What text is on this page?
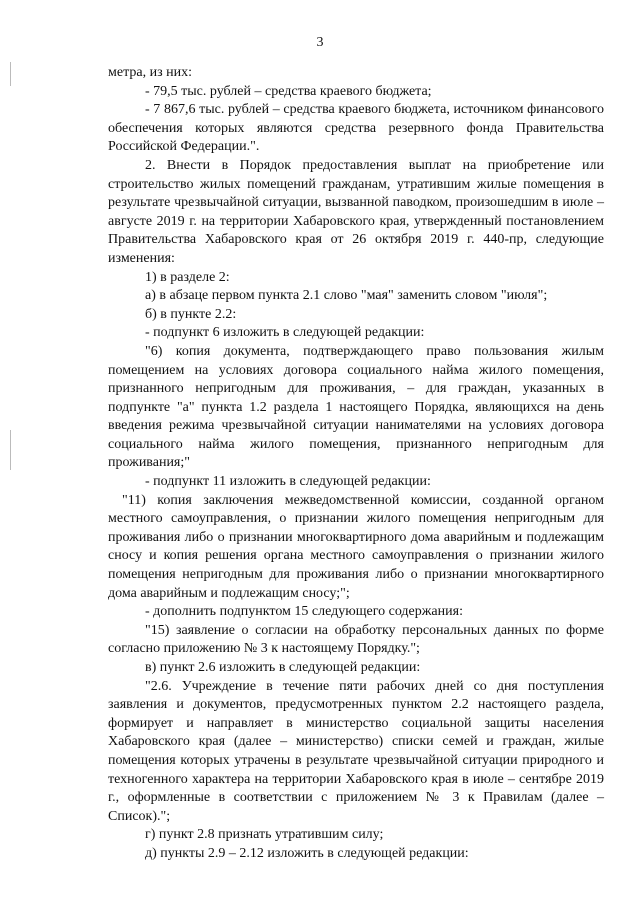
3

метра, из них:

- 79,5 тыс. рублей – средства краевого бюджета;

- 7 867,6 тыс. рублей – средства краевого бюджета, источником финансового обеспечения которых являются средства резервного фонда Правительства Российской Федерации.".

2. Внести в Порядок предоставления выплат на приобретение или строительство жилых помещений гражданам, утратившим жилые помещения в результате чрезвычайной ситуации, вызванной паводком, произошедшим в июле – августе 2019 г. на территории Хабаровского края, утвержденный постановлением Правительства Хабаровского края от 26 октября 2019 г. 440-пр, следующие изменения:

1) в разделе 2:

а) в абзаце первом пункта 2.1 слово "мая" заменить словом "июля";

б) в пункте 2.2:

- подпункт 6 изложить в следующей редакции:

"6) копия документа, подтверждающего право пользования жилым помещением на условиях договора социального найма жилого помещения, признанного непригодным для проживания, – для граждан, указанных в подпункте "а" пункта 1.2 раздела 1 настоящего Порядка, являющихся на день введения режима чрезвычайной ситуации нанимателями на условиях договора социального найма жилого помещения, признанного непригодным для проживания;"

- подпункт 11 изложить в следующей редакции:

"11) копия заключения межведомственной комиссии, созданной органом местного самоуправления, о признании жилого помещения непригодным для проживания либо о признании многоквартирного дома аварийным и подлежащим сносу и копия решения органа местного самоуправления о признании жилого помещения непригодным для проживания либо о признании многоквартирного дома аварийным и подлежащим сносу;";

- дополнить подпунктом 15 следующего содержания:

"15) заявление о согласии на обработку персональных данных по форме согласно приложению № 3 к настоящему Порядку.";

в) пункт 2.6 изложить в следующей редакции:

"2.6. Учреждение в течение пяти рабочих дней со дня поступления заявления и документов, предусмотренных пунктом 2.2 настоящего раздела, формирует и направляет в министерство социальной защиты населения Хабаровского края (далее – министерство) списки семей и граждан, жилые помещения которых утрачены в результате чрезвычайной ситуации природного и техногенного характера на территории Хабаровского края в июле – сентябре 2019 г., оформленные в соответствии с приложением № 3 к Правилам (далее – Список).";

г) пункт 2.8 признать утратившим силу;

д) пункты 2.9 – 2.12 изложить в следующей редакции:
